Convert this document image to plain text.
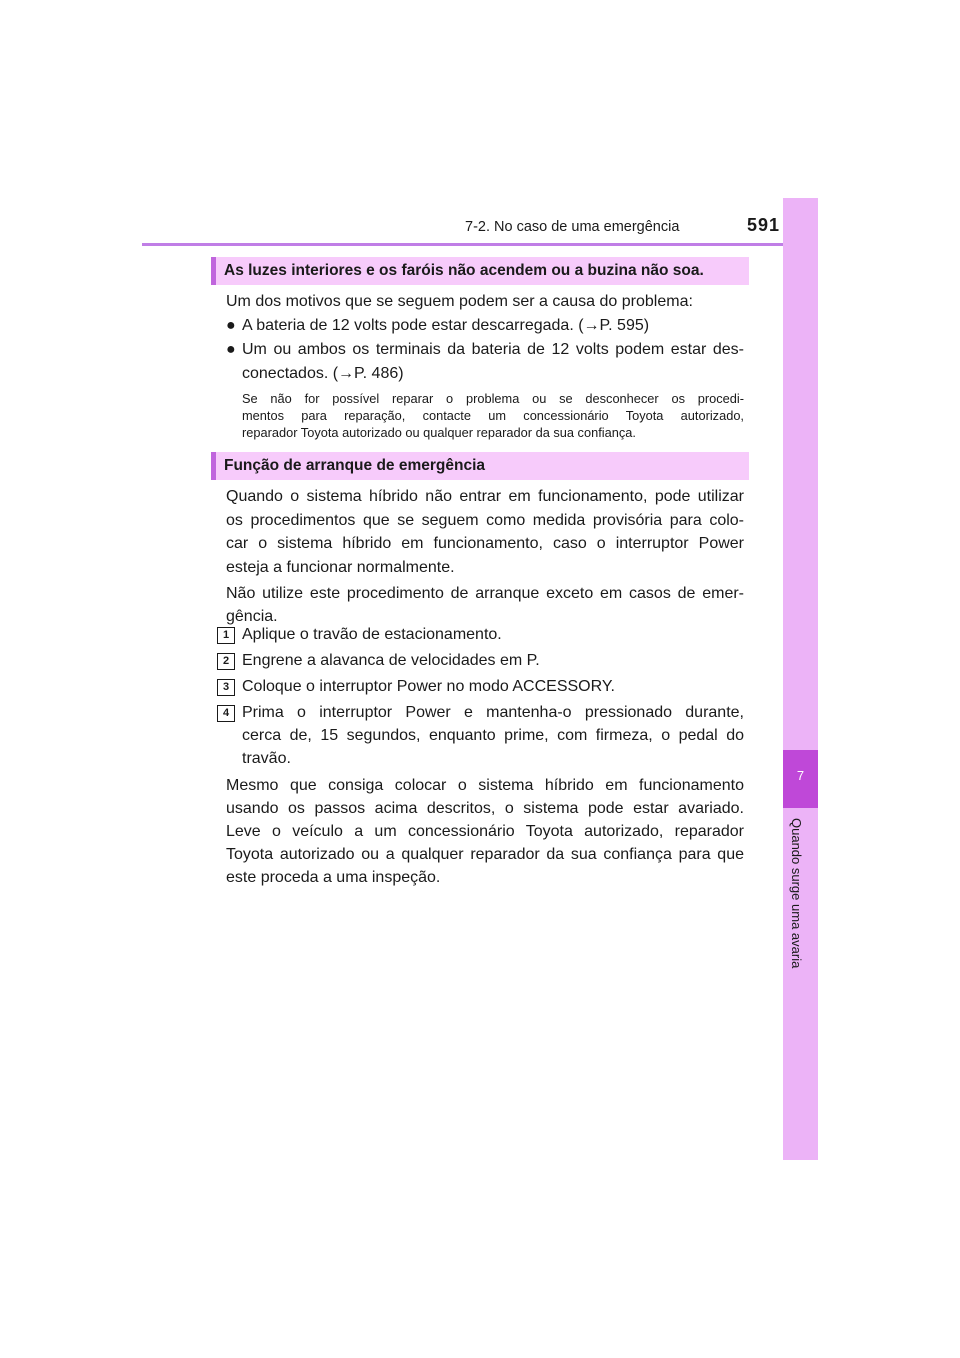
7-2. No caso de uma emergência	591
7
Quando surge uma avaria
As luzes interiores e os faróis não acendem ou a buzina não soa.
Um dos motivos que se seguem podem ser a causa do problema:
● A bateria de 12 volts pode estar descarregada. (→P. 595)
● Um ou ambos os terminais da bateria de 12 volts podem estar des-
conectados. (→P. 486)
Se não for possível reparar o problema ou se desconhecer os procedi-
mentos para reparação, contacte um concessionário Toyota autorizado,
reparador Toyota autorizado ou qualquer reparador da sua confiança.
Função de arranque de emergência
Quando o sistema híbrido não entrar em funcionamento, pode utilizar
os procedimentos que se seguem como medida provisória para colo-
car o sistema híbrido em funcionamento, caso o interruptor Power
esteja a funcionar normalmente.
Não utilize este procedimento de arranque exceto em casos de emer-
gência.
1 Aplique o travão de estacionamento.
2 Engrene a alavanca de velocidades em P.
3 Coloque o interruptor Power no modo ACCESSORY.
4 Prima o interruptor Power e mantenha-o pressionado durante,
cerca de, 15 segundos, enquanto prime, com firmeza, o pedal do
travão.
Mesmo que consiga colocar o sistema híbrido em funcionamento
usando os passos acima descritos, o sistema pode estar avariado.
Leve o veículo a um concessionário Toyota autorizado, reparador
Toyota autorizado ou a qualquer reparador da sua confiança para que
este proceda a uma inspeção.
